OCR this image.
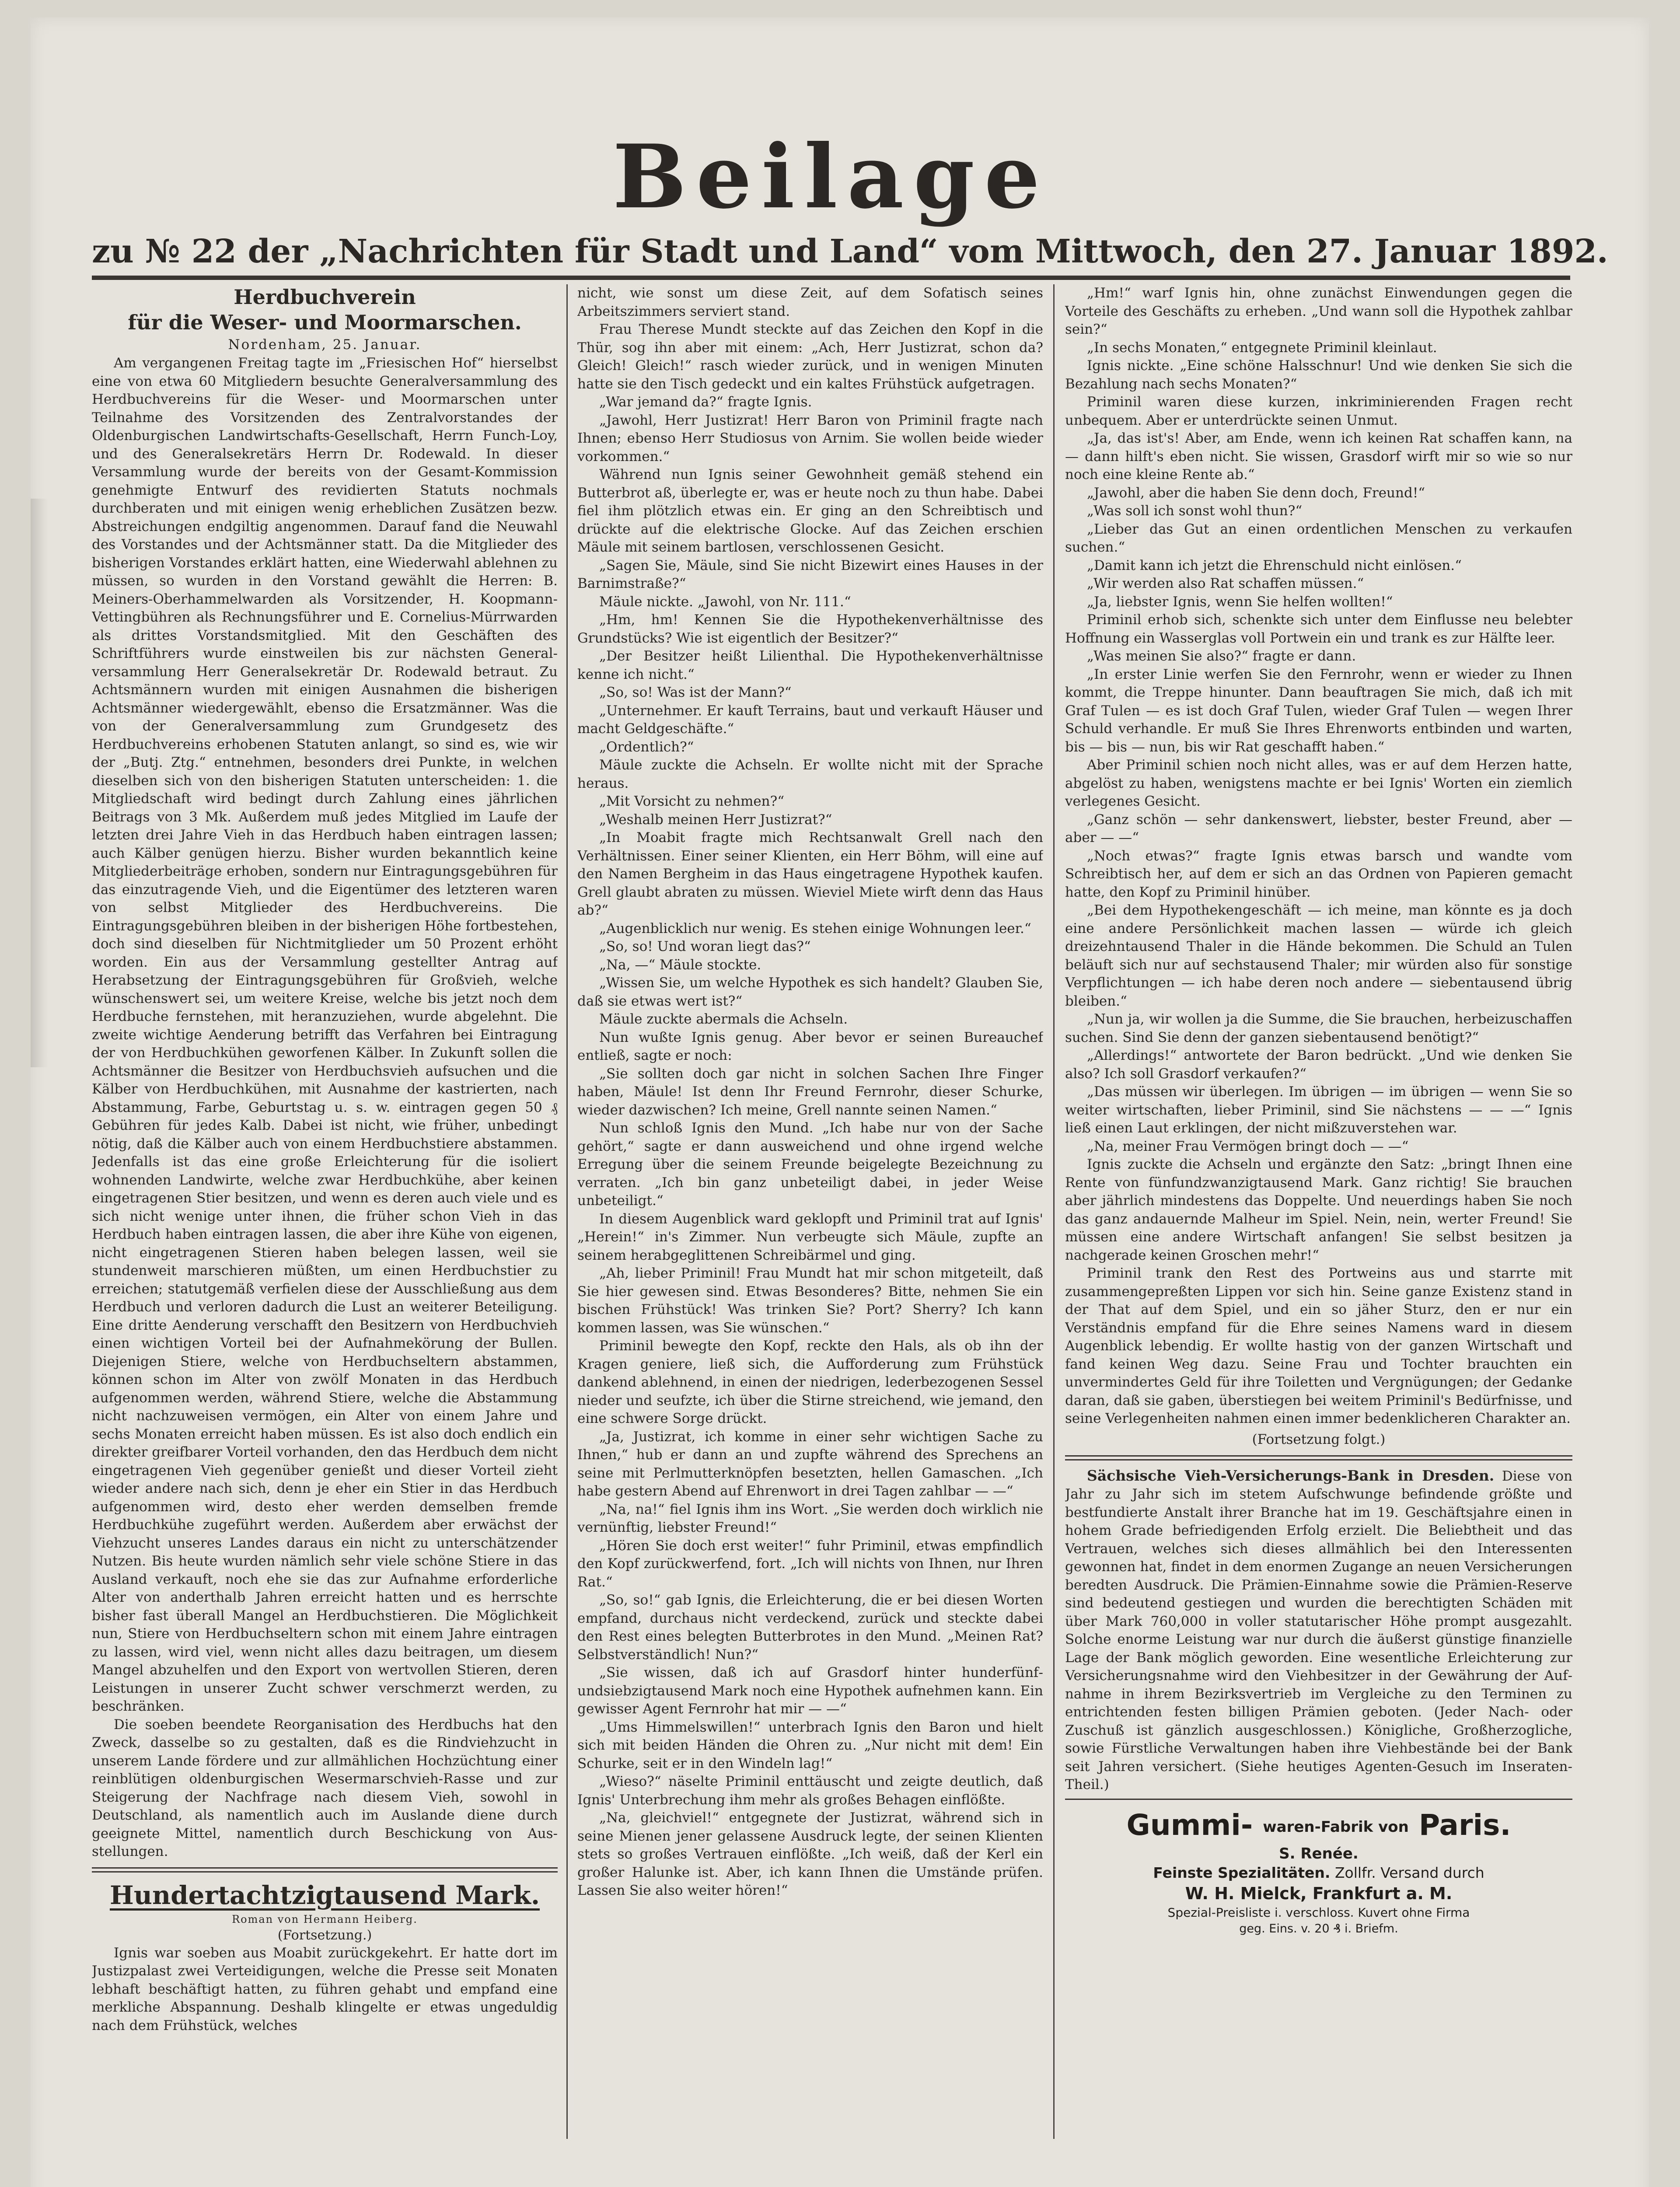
Beilage
zu № 22 der „Nachrichten für Stadt und Land“ vom Mittwoch, den 27. Januar 1892.
Herdbuchverein
für die Weser- und Moormarschen.
Nordenham, 25. Januar.

Am vergangenen Freitag tagte im „Friesischen Hof“ hierselbst eine von etwa 60 Mitgliedern besuchte Generalversammlung des Herdbuchvereins für die Weser- und Moormarschen unter Teilnahme des Vorsitzenden des Zentralvorstandes der Oldenburgischen Landwirtschafts-Gesellschaft, Herrn Funch-Loy, und des Generalsekretärs Herrn Dr. Rodewald. In dieser Versammlung wurde der bereits von der Gesamt-Kommission genehmigte Entwurf des revidierten Statuts nochmals durchberaten und mit einigen wenig erheblichen Zusätzen bezw. Abstreichungen endgiltig angenommen. Darauf fand die Neuwahl des Vorstandes und der Achtsmänner statt. Da die Mitglieder des bisherigen Vorstandes erklärt hatten, eine Wiederwahl ablehnen zu müssen, so wurden in den Vorstand gewählt die Herren: B. Meiners-Oberhammelwarden als Vorsitzender, H. Koopmann-Vettingbühren als Rechnungsführer und E. Cornelius-Mürrwarden als drittes Vorstandsmitglied. Mit den Geschäften des Schriftführers wurde einstweilen bis zur nächsten Generalversammlung Herr Generalsekretär Dr. Rodewald betraut. Zu Achtsmännern wurden mit einigen Ausnahmen die bisherigen Achtsmänner wiedergewählt, ebenso die Ersatzmänner. Was die von der Generalversammlung zum Grundgesetz des Herdbuchvereins erhobenen Statuten anlangt, so sind es, wie wir der „Butj. Ztg.“ entnehmen, besonders drei Punkte, in welchen dieselben sich von den bisherigen Statuten unterscheiden: 1. die Mitgliedschaft wird bedingt durch Zahlung eines jährlichen Beitrags von 3 Mk. Außerdem muß jedes Mitglied im Laufe der letzten drei Jahre Vieh in das Herdbuch haben eintragen lassen; auch Kälber genügen hierzu. Bisher wurden bekanntlich keine Mitgliederbeiträge erhoben, sondern nur Eintragungsgebühren für das einzutragende Vieh, und die Eigentümer des letzteren waren von selbst Mitglieder des Herdbuchvereins. Die Eintragungsgebühren bleiben in der bisherigen Höhe fortbestehen, doch sind dieselben für Nichtmitglieder um 50 Prozent erhöht worden. Ein aus der Versammlung gestellter Antrag auf Herabsetzung der Eintragungsgebühren für Großvieh, welche wünschenswert sei, um weitere Kreise, welche bis jetzt noch dem Herdbuche fernstehen, mit heranzuziehen, wurde abgelehnt. Die zweite wichtige Aenderung betrifft das Verfahren bei Eintragung der von Herdbuchkühen geworfenen Kälber. In Zukunft sollen die Achtsmänner die Besitzer von Herdbuchsvieh aufsuchen und die Kälber von Herdbuchkühen, mit Ausnahme der kastrierten, nach Abstammung, Farbe, Geburtstag u. s. w. eintragen gegen 50 ₰ Gebühren für jedes Kalb. Dabei ist nicht, wie früher, unbedingt nötig, daß die Kälber auch von einem Herdbuchstiere abstammen. Jedenfalls ist das eine große Erleichterung für die isoliert wohnenden Landwirte, welche zwar Herdbuchkühe, aber keinen eingetragenen Stier besitzen, und wenn es deren auch viele und es sich nicht wenige unter ihnen, die früher schon Vieh in das Herdbuch haben eintragen lassen, die aber ihre Kühe von eigenen, nicht eingetragenen Stieren haben belegen lassen, weil sie stundenweit marschieren müßten, um einen Herdbuchstier zu erreichen; statutgemäß verfielen diese der Ausschließung aus dem Herdbuch und verloren dadurch die Lust an weiterer Beteiligung. Eine dritte Aenderung verschafft den Besitzern von Herdbuchvieh einen wichtigen Vorteil bei der Aufnahmekörung der Bullen. Diejenigen Stiere, welche von Herdbuchseltern abstammen, können schon im Alter von zwölf Monaten in das Herdbuch aufgenommen werden, während Stiere, welche die Abstammung nicht nachzuweisen vermögen, ein Alter von einem Jahre und sechs Monaten erreicht haben müssen. Es ist also doch endlich ein direkter greifbarer Vorteil vorhanden, den das Herdbuch dem nicht eingetragenen Vieh gegenüber genießt und dieser Vorteil zieht wieder andere nach sich, denn je eher ein Stier in das Herdbuch aufgenommen wird, desto eher werden demselben fremde Herdbuchkühe zugeführt werden. Außerdem aber erwächst der Viehzucht unseres Landes daraus ein nicht zu unterschätzender Nutzen. Bis heute wurden nämlich sehr viele schöne Stiere in das Ausland verkauft, noch ehe sie das zur Aufnahme erforderliche Alter von anderthalb Jahren erreicht hatten und es herrschte bisher fast überall Mangel an Herdbuchstieren. Die Möglichkeit nun, Stiere von Herdbuchseltern schon mit einem Jahre eintragen zu lassen, wird viel, wenn nicht alles dazu beitragen, um diesem Mangel abzuhelfen und den Export von wertvollen Stieren, deren Leistungen in unserer Zucht schwer verschmerzt werden, zu beschränken.

Die soeben beendete Reorganisation des Herdbuchs hat den Zweck, dasselbe so zu gestalten, daß es die Rindviehzucht in unserem Lande fördere und zur allmählichen Hochzüchtung einer reinblütigen oldenburgischen Wesermarschvieh-Rasse und zur Steigerung der Nachfrage nach diesem Vieh, sowohl in Deutschland, als namentlich auch im Auslande diene durch geeignete Mittel, namentlich durch Beschickung von Ausstellungen.

Hundertachtzigtausend Mark.
Roman von Hermann Heiberg.
(Fortsetzung.)

Ignis war soeben aus Moabit zurückgekehrt. Er hatte dort im Justizpalast zwei Verteidigungen, welche die Presse seit Monaten lebhaft beschäftigt hatten, zu führen gehabt und empfand eine merkliche Abspannung. Deshalb klingelte er etwas ungeduldig nach dem Frühstück, welches

nicht, wie sonst um diese Zeit, auf dem Sofatisch seines Arbeitszimmers serviert stand.

Frau Therese Mundt steckte auf das Zeichen den Kopf in die Thür, sog ihn aber mit einem: „Ach, Herr Justizrat, schon da? Gleich! Gleich!“ rasch wieder zurück, und in wenigen Minuten hatte sie den Tisch gedeckt und ein kaltes Frühstück aufgetragen.

„War jemand da?“ fragte Ignis.

„Jawohl, Herr Justizrat! Herr Baron von Priminil fragte nach Ihnen; ebenso Herr Studiosus von Arnim. Sie wollen beide wieder vorkommen.“

Während nun Ignis seiner Gewohnheit gemäß stehend ein Butterbrot aß, überlegte er, was er heute noch zu thun habe. Dabei fiel ihm plötzlich etwas ein. Er ging an den Schreibtisch und drückte auf die elektrische Glocke. Auf das Zeichen erschien Mäule mit seinem bartlosen, verschlossenen Gesicht.

„Sagen Sie, Mäule, sind Sie nicht Bizewirt eines Hauses in der Barnimstraße?“

Mäule nickte. „Jawohl, von Nr. 111.“

„Hm, hm! Kennen Sie die Hypothekenverhältnisse des Grundstücks? Wie ist eigentlich der Besitzer?“

„Der Besitzer heißt Lilienthal. Die Hypothekenverhältnisse kenne ich nicht.“

„So, so! Was ist der Mann?“

„Unternehmer. Er kauft Terrains, baut und verkauft Häuser und macht Geldgeschäfte.“

„Ordentlich?“

Mäule zuckte die Achseln. Er wollte nicht mit der Sprache heraus.

„Mit Vorsicht zu nehmen?“

„Weshalb meinen Herr Justizrat?“

„In Moabit fragte mich Rechtsanwalt Grell nach den Verhältnissen. Einer seiner Klienten, ein Herr Böhm, will eine auf den Namen Bergheim in das Haus eingetragene Hypothek kaufen. Grell glaubt abraten zu müssen. Wieviel Miete wirft denn das Haus ab?“

„Augenblicklich nur wenig. Es stehen einige Wohnungen leer.“

„So, so! Und woran liegt das?“

„Na, —“ Mäule stockte.

„Wissen Sie, um welche Hypothek es sich handelt? Glauben Sie, daß sie etwas wert ist?“

Mäule zuckte abermals die Achseln.

Nun wußte Ignis genug. Aber bevor er seinen Bureauchef entließ, sagte er noch:

„Sie sollten doch gar nicht in solchen Sachen Ihre Finger haben, Mäule! Ist denn Ihr Freund Fernrohr, dieser Schurke, wieder dazwischen? Ich meine, Grell nannte seinen Namen.“

Nun schloß Ignis den Mund. „Ich habe nur von der Sache gehört,“ sagte er dann ausweichend und ohne irgend welche Erregung über die seinem Freunde beigelegte Bezeichnung zu verraten. „Ich bin ganz unbeteiligt dabei, in jeder Weise unbeteiligt.“

In diesem Augenblick ward geklopft und Priminil trat auf Ignis' „Herein!“ in's Zimmer. Nun verbeugte sich Mäule, zupfte an seinem herabgeglittenen Schreibärmel und ging.

„Ah, lieber Priminil! Frau Mundt hat mir schon mitgeteilt, daß Sie hier gewesen sind. Etwas Besonderes? Bitte, nehmen Sie ein bischen Frühstück! Was trinken Sie? Port? Sherry? Ich kann kommen lassen, was Sie wünschen.“

Priminil bewegte den Kopf, reckte den Hals, als ob ihn der Kragen geniere, ließ sich, die Aufforderung zum Frühstück dankend ablehnend, in einen der niedrigen, lederbezogenen Sessel nieder und seufzte, ich über die Stirne streichend, wie jemand, den eine schwere Sorge drückt.

„Ja, Justizrat, ich komme in einer sehr wichtigen Sache zu Ihnen,“ hub er dann an und zupfte während des Sprechens an seine mit Perlmutterknöpfen besetzten, hellen Gamaschen. „Ich habe gestern Abend auf Ehrenwort in drei Tagen zahlbar — —“

„Na, na!“ fiel Ignis ihm ins Wort. „Sie werden doch wirklich nie vernünftig, liebster Freund!“

„Hören Sie doch erst weiter!“ fuhr Priminil, etwas empfindlich den Kopf zurückwerfend, fort. „Ich will nichts von Ihnen, nur Ihren Rat.“

„So, so!“ gab Ignis, die Erleichterung, die er bei diesen Worten empfand, durchaus nicht verdeckend, zurück und steckte dabei den Rest eines belegten Butterbrotes in den Mund. „Meinen Rat? Selbstverständlich! Nun?“

„Sie wissen, daß ich auf Grasdorf hinter hunderfünfundsiebzigtausend Mark noch eine Hypothek aufnehmen kann. Ein gewisser Agent Fernrohr hat mir — —“

„Ums Himmelswillen!“ unterbrach Ignis den Baron und hielt sich mit beiden Händen die Ohren zu. „Nur nicht mit dem! Ein Schurke, seit er in den Windeln lag!“

„Wieso?“ näselte Priminil enttäuscht und zeigte deutlich, daß Ignis' Unterbrechung ihm mehr als großes Behagen einflößte.

„Na, gleichviel!“ entgegnete der Justizrat, während sich in seine Mienen jener gelassene Ausdruck legte, der seinen Klienten stets so großes Vertrauen einflößte. „Ich weiß, daß der Kerl ein großer Halunke ist. Aber, ich kann Ihnen die Umstände prüfen. Lassen Sie also weiter hören!“

„Hm!“ warf Ignis hin, ohne zunächst Einwendungen gegen die Vorteile des Geschäfts zu erheben. „Und wann soll die Hypothek zahlbar sein?“

„In sechs Monaten,“ entgegnete Priminil kleinlaut.

Ignis nickte. „Eine schöne Halsschnur! Und wie denken Sie sich die Bezahlung nach sechs Monaten?“

Priminil waren diese kurzen, inkriminierenden Fragen recht unbequem. Aber er unterdrückte seinen Unmut.

„Ja, das ist's! Aber, am Ende, wenn ich keinen Rat schaffen kann, na — dann hilft's eben nicht. Sie wissen, Grasdorf wirft mir so wie so nur noch eine kleine Rente ab.“

„Jawohl, aber die haben Sie denn doch, Freund!“

„Was soll ich sonst wohl thun?“

„Lieber das Gut an einen ordentlichen Menschen zu verkaufen suchen.“

„Damit kann ich jetzt die Ehrenschuld nicht einlösen.“

„Wir werden also Rat schaffen müssen.“

„Ja, liebster Ignis, wenn Sie helfen wollten!“

Priminil erhob sich, schenkte sich unter dem Einflusse neu belebter Hoffnung ein Wasserglas voll Portwein ein und trank es zur Hälfte leer.

„Was meinen Sie also?“ fragte er dann.

„In erster Linie werfen Sie den Fernrohr, wenn er wieder zu Ihnen kommt, die Treppe hinunter. Dann beauftragen Sie mich, daß ich mit Graf Tulen — es ist doch Graf Tulen, wieder Graf Tulen — wegen Ihrer Schuld verhandle. Er muß Sie Ihres Ehrenworts entbinden und warten, bis — bis — nun, bis wir Rat geschafft haben.“

Aber Priminil schien noch nicht alles, was er auf dem Herzen hatte, abgelöst zu haben, wenigstens machte er bei Ignis' Worten ein ziemlich verlegenes Gesicht.

„Ganz schön — sehr dankenswert, liebster, bester Freund, aber — aber — —“

„Noch etwas?“ fragte Ignis etwas barsch und wandte vom Schreibtisch her, auf dem er sich an das Ordnen von Papieren gemacht hatte, den Kopf zu Priminil hinüber.

„Bei dem Hypothekengeschäft — ich meine, man könnte es ja doch eine andere Persönlichkeit machen lassen — würde ich gleich dreizehntausend Thaler in die Hände bekommen. Die Schuld an Tulen beläuft sich nur auf sechstausend Thaler; mir würden also für sonstige Verpflichtungen — ich habe deren noch andere — siebentausend übrig bleiben.“

„Nun ja, wir wollen ja die Summe, die Sie brauchen, herbeizuschaffen suchen. Sind Sie denn der ganzen siebentausend benötigt?“

„Allerdings!“ antwortete der Baron bedrückt. „Und wie denken Sie also? Ich soll Grasdorf verkaufen?“

„Das müssen wir überlegen. Im übrigen — im übrigen — wenn Sie so weiter wirtschaften, lieber Priminil, sind Sie nächstens — — —“ Ignis ließ einen Laut erklingen, der nicht mißzuverstehen war.

„Na, meiner Frau Vermögen bringt doch — —“

Ignis zuckte die Achseln und ergänzte den Satz: „bringt Ihnen eine Rente von fünfundzwanzigtausend Mark. Ganz richtig! Sie brauchen aber jährlich mindestens das Doppelte. Und neuerdings haben Sie noch das ganz andauernde Malheur im Spiel. Nein, nein, werter Freund! Sie müssen eine andere Wirtschaft anfangen! Sie selbst besitzen ja nachgerade keinen Groschen mehr!“

Priminil trank den Rest des Portweins aus und starrte mit zusammengepreßten Lippen vor sich hin. Seine ganze Existenz stand in der That auf dem Spiel, und ein so jäher Sturz, den er nur ein Verständnis empfand für die Ehre seines Namens ward in diesem Augenblick lebendig. Er wollte hastig von der ganzen Wirtschaft und fand keinen Weg dazu. Seine Frau und Tochter brauchten ein unvermindertes Geld für ihre Toiletten und Vergnügungen; der Gedanke daran, daß sie gaben, überstiegen bei weitem Priminil's Bedürfnisse, und seine Verlegenheiten nahmen einen immer bedenklicheren Charakter an.

(Fortsetzung folgt.)

Sächsische Vieh-Versicherungs-Bank in Dresden. Diese von Jahr zu Jahr sich im stetem Aufschwunge befindende größte und bestfundierte Anstalt ihrer Branche hat im 19. Geschäftsjahre einen in hohem Grade befriedigenden Erfolg erzielt. Die Beliebtheit und das Vertrauen, welches sich dieses allmählich bei den Interessenten gewonnen hat, findet in dem enormen Zugange an neuen Versicherungen beredten Ausdruck. Die Prämien-Einnahme sowie die Prämien-Reserve sind bedeutend gestiegen und wurden die berechtigten Schäden mit über Mark 760,000 in voller statutarischer Höhe prompt ausgezahlt. Solche enorme Leistung war nur durch die äußerst günstige finanzielle Lage der Bank möglich geworden. Eine wesentliche Erleichterung zur Versicherungsnahme wird den Viehbesitzer in der Gewährung der Aufnahme in ihrem Bezirksvertrieb im Vergleiche zu den Terminen zu entrichtenden festen billigen Prämien geboten. (Jeder Nach- oder Zuschuß ist gänzlich ausgeschlossen.) Königliche, Großherzogliche, sowie Fürstliche Verwaltungen haben ihre Viehbestände bei der Bank seit Jahren versichert. (Siehe heutiges Agenten-Gesuch im Inseraten-Theil.)

Gummi- waren-Fabrik von Paris.
S. Renée.
Feinste Spezialitäten. Zollfr. Versand durch
W. H. Mielck, Frankfurt a. M.
Spezial-Preisliste i. verschloss. Kuvert ohne Firma
geg. Eins. v. 20 ₰ i. Briefm.
